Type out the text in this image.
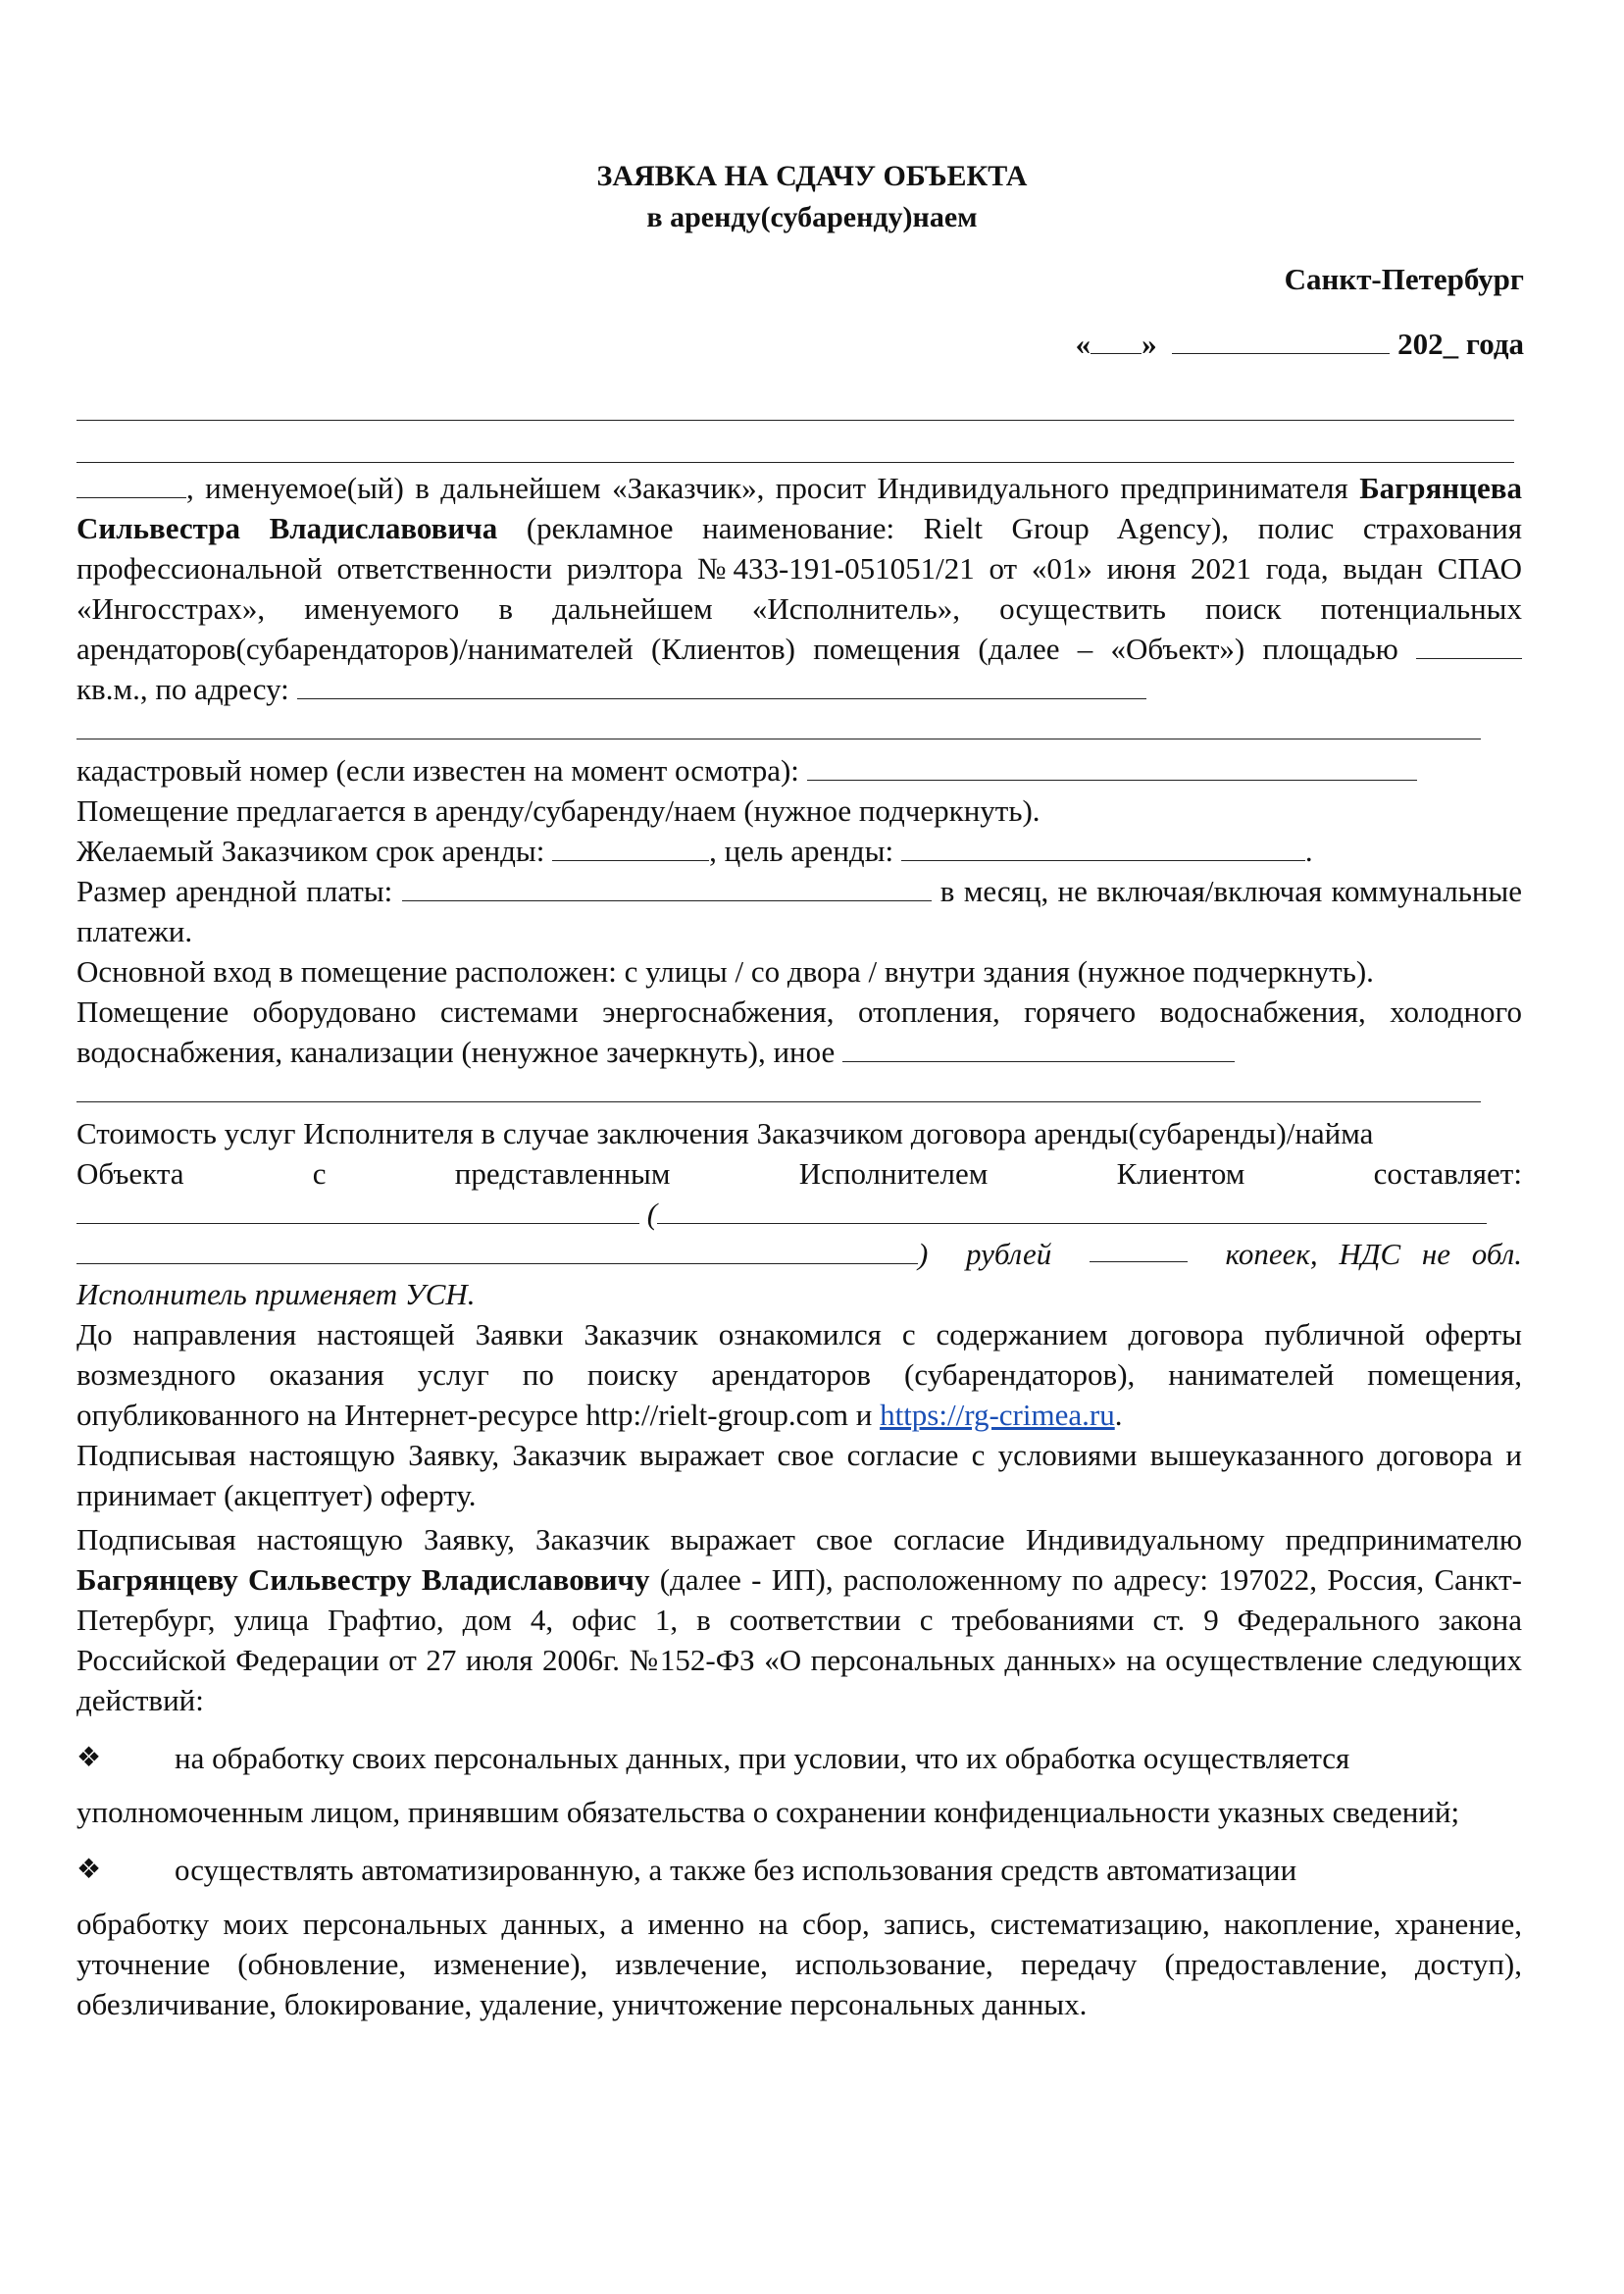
ЗАЯВКА НА СДАЧУ ОБЪЕКТА
в аренду(субаренду)наем
Санкт-Петербург
« »	202_ года

, именуемое(ый) в дальнейшем «Заказчик», просит Индивидуального предпринимателя Багрянцева Сильвестра Владиславовича (рекламное наименование: Rielt Group Agency), полис страхования профессиональной ответственности риэлтора №433-191-051051/21 от «01» июня 2021 года, выдан СПАО «Ингосстрах», именуемого в дальнейшем «Исполнитель», осуществить поиск потенциальных арендаторов(субарендаторов)/нанимателей (Клиентов) помещения (далее – «Объект») площадью  кв.м., по адресу:

кадастровый номер (если известен на момент осмотра):

Помещение предлагается в аренду/субаренду/наем (нужное подчеркнуть).

Желаемый Заказчиком срок аренды:	, цель аренды:	.

Размер арендной платы:	в месяц, не включая/включая коммунальные платежи.

Основной вход в помещение расположен: с улицы / со двора / внутри здания (нужное подчеркнуть).

Помещение оборудовано системами энергоснабжения, отопления, горячего водоснабжения, холодного водоснабжения, канализации (ненужное зачеркнуть), иное

Стоимость услуг Исполнителя в случае заключения Заказчиком договора аренды(субаренды)/найма

Объекта	с	представленным	Исполнителем	Клиентом	составляет:
(
) рублей	копеек, НДС не обл.

Исполнитель применяет УСН.

До направления настоящей Заявки Заказчик ознакомился с содержанием договора публичной оферты возмездного оказания услуг по поиску арендаторов (субарендаторов), нанимателей помещения, опубликованного на Интернет-ресурсе http://rielt-group.com и https://rg-crimea.ru.

Подписывая настоящую Заявку, Заказчик выражает свое согласие с условиями вышеуказанного договора и принимает (акцептует) оферту.

Подписывая настоящую Заявку, Заказчик выражает свое согласие Индивидуальному предпринимателю Багрянцеву Сильвестру Владиславовичу (далее - ИП), расположенному по адресу: 197022, Россия, Санкт-Петербург, улица Графтио, дом 4, офис 1, в соответствии с требованиями ст. 9 Федерального закона Российской Федерации от 27 июля 2006г. №152-ФЗ «О персональных данных» на осуществление следующих действий:

❖	на обработку своих персональных данных, при условии, что их обработка осуществляется

уполномоченным лицом, принявшим обязательства о сохранении конфиденциальности указных сведений;

❖	осуществлять автоматизированную, а также без использования средств автоматизации

обработку моих персональных данных, а именно на сбор, запись, систематизацию, накопление, хранение, уточнение (обновление, изменение), извлечение, использование, передачу (предоставление, доступ), обезличивание, блокирование, удаление, уничтожение персональных данных.
